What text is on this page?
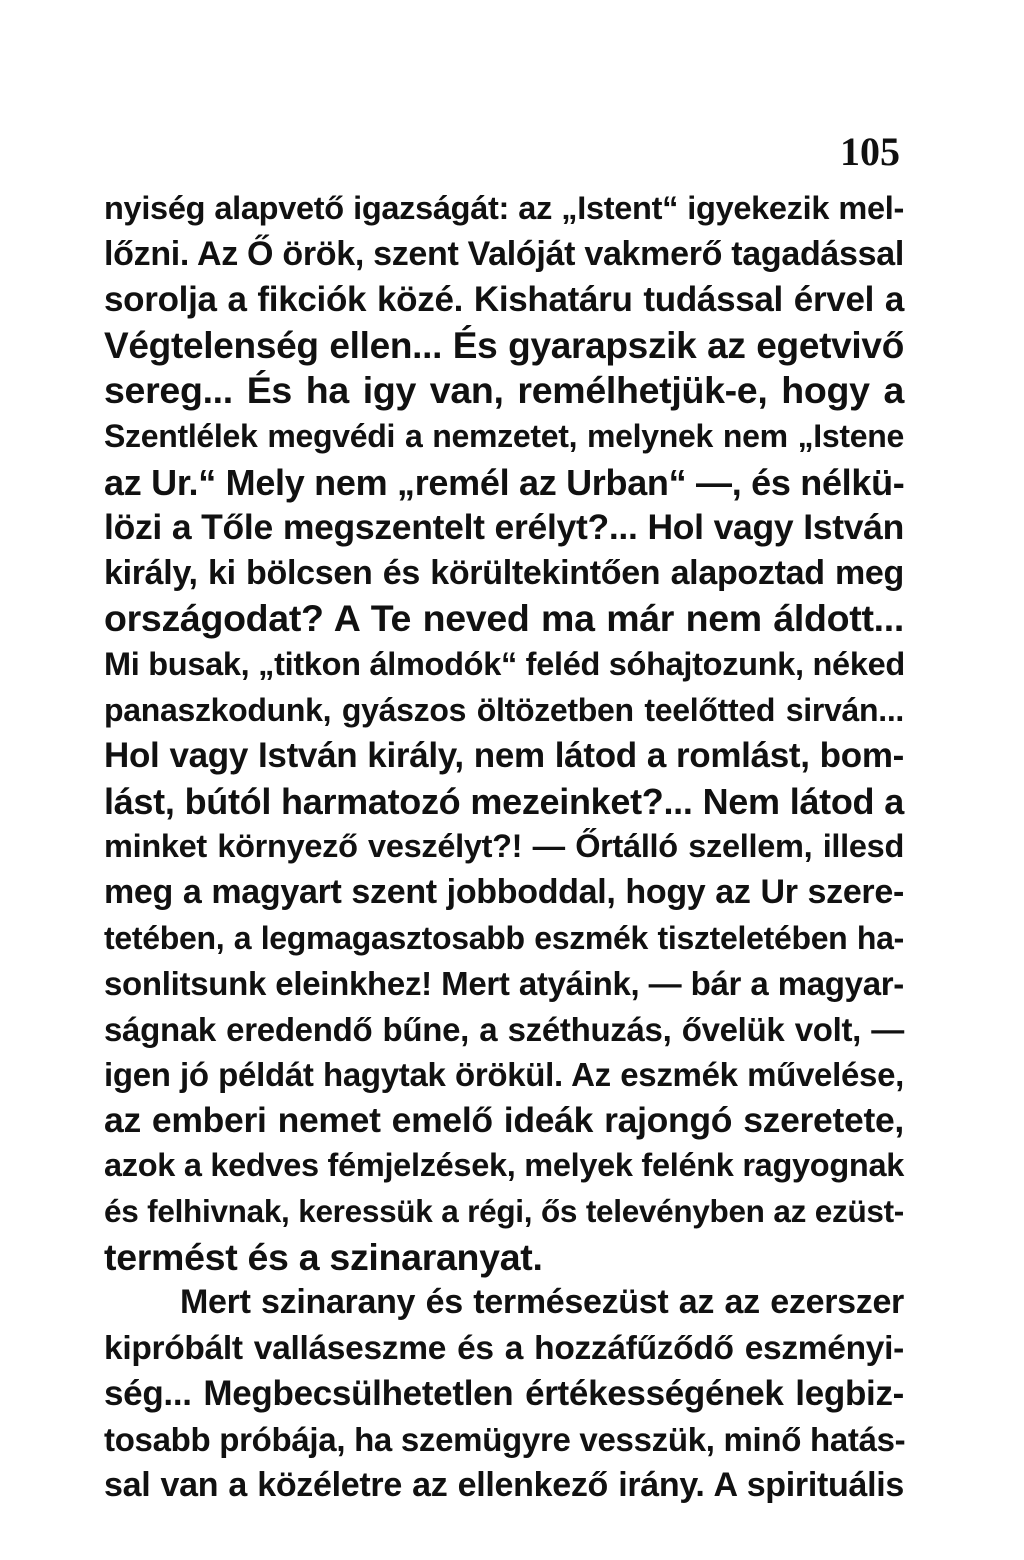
105

nyiség alapvető igazságát: az „Istent“ igyekezik mel-
lőzni. Az Ő örök, szent Valóját vakmerő tagadással
sorolja a fikciók közé. Kishatáru tudással érvel a
Végtelenség ellen... És gyarapszik az egetvivő
sereg... És ha igy van, remélhetjük-e, hogy a
Szentlélek megvédi a nemzetet, melynek nem „Istene
az Ur.“ Mely nem „remél az Urban“ —, és nélkü-
lözi a Tőle megszentelt erélyt?... Hol vagy István
király, ki bölcsen és körültekintően alapoztad meg
országodat? A Te neved ma már nem áldott...
Mi busak, „titkon álmodók“ feléd sóhajtozunk, néked
panaszkodunk, gyászos öltözetben teelőtted sirván...
Hol vagy István király, nem látod a romlást, bom-
lást, bútól harmatozó mezeinket?... Nem látod a
minket környező veszélyt?! — Őrtálló szellem, illesd
meg a magyart szent jobboddal, hogy az Ur szere-
tetében, a legmagasztosabb eszmék tiszteletében ha-
sonlitsunk eleinkhez! Mert atyáink, — bár a magyar-
ságnak eredendő bűne, a széthuzás, ővelük volt, —
igen jó példát hagytak örökül. Az eszmék művelése,
az emberi nemet emelő ideák rajongó szeretete,
azok a kedves fémjelzések, melyek felénk ragyognak
és felhivnak, keressük a régi, ős televényben az ezüst-
termést és a szinaranyat.
Mert szinarany és termésezüst az az ezerszer
kipróbált valláseszme és a hozzáfűződő eszményi-
ség... Megbecsülhetetlen értékességének legbiz-
tosabb próbája, ha szemügyre vesszük, minő hatás-
sal van a közéletre az ellenkező irány. A spirituális
